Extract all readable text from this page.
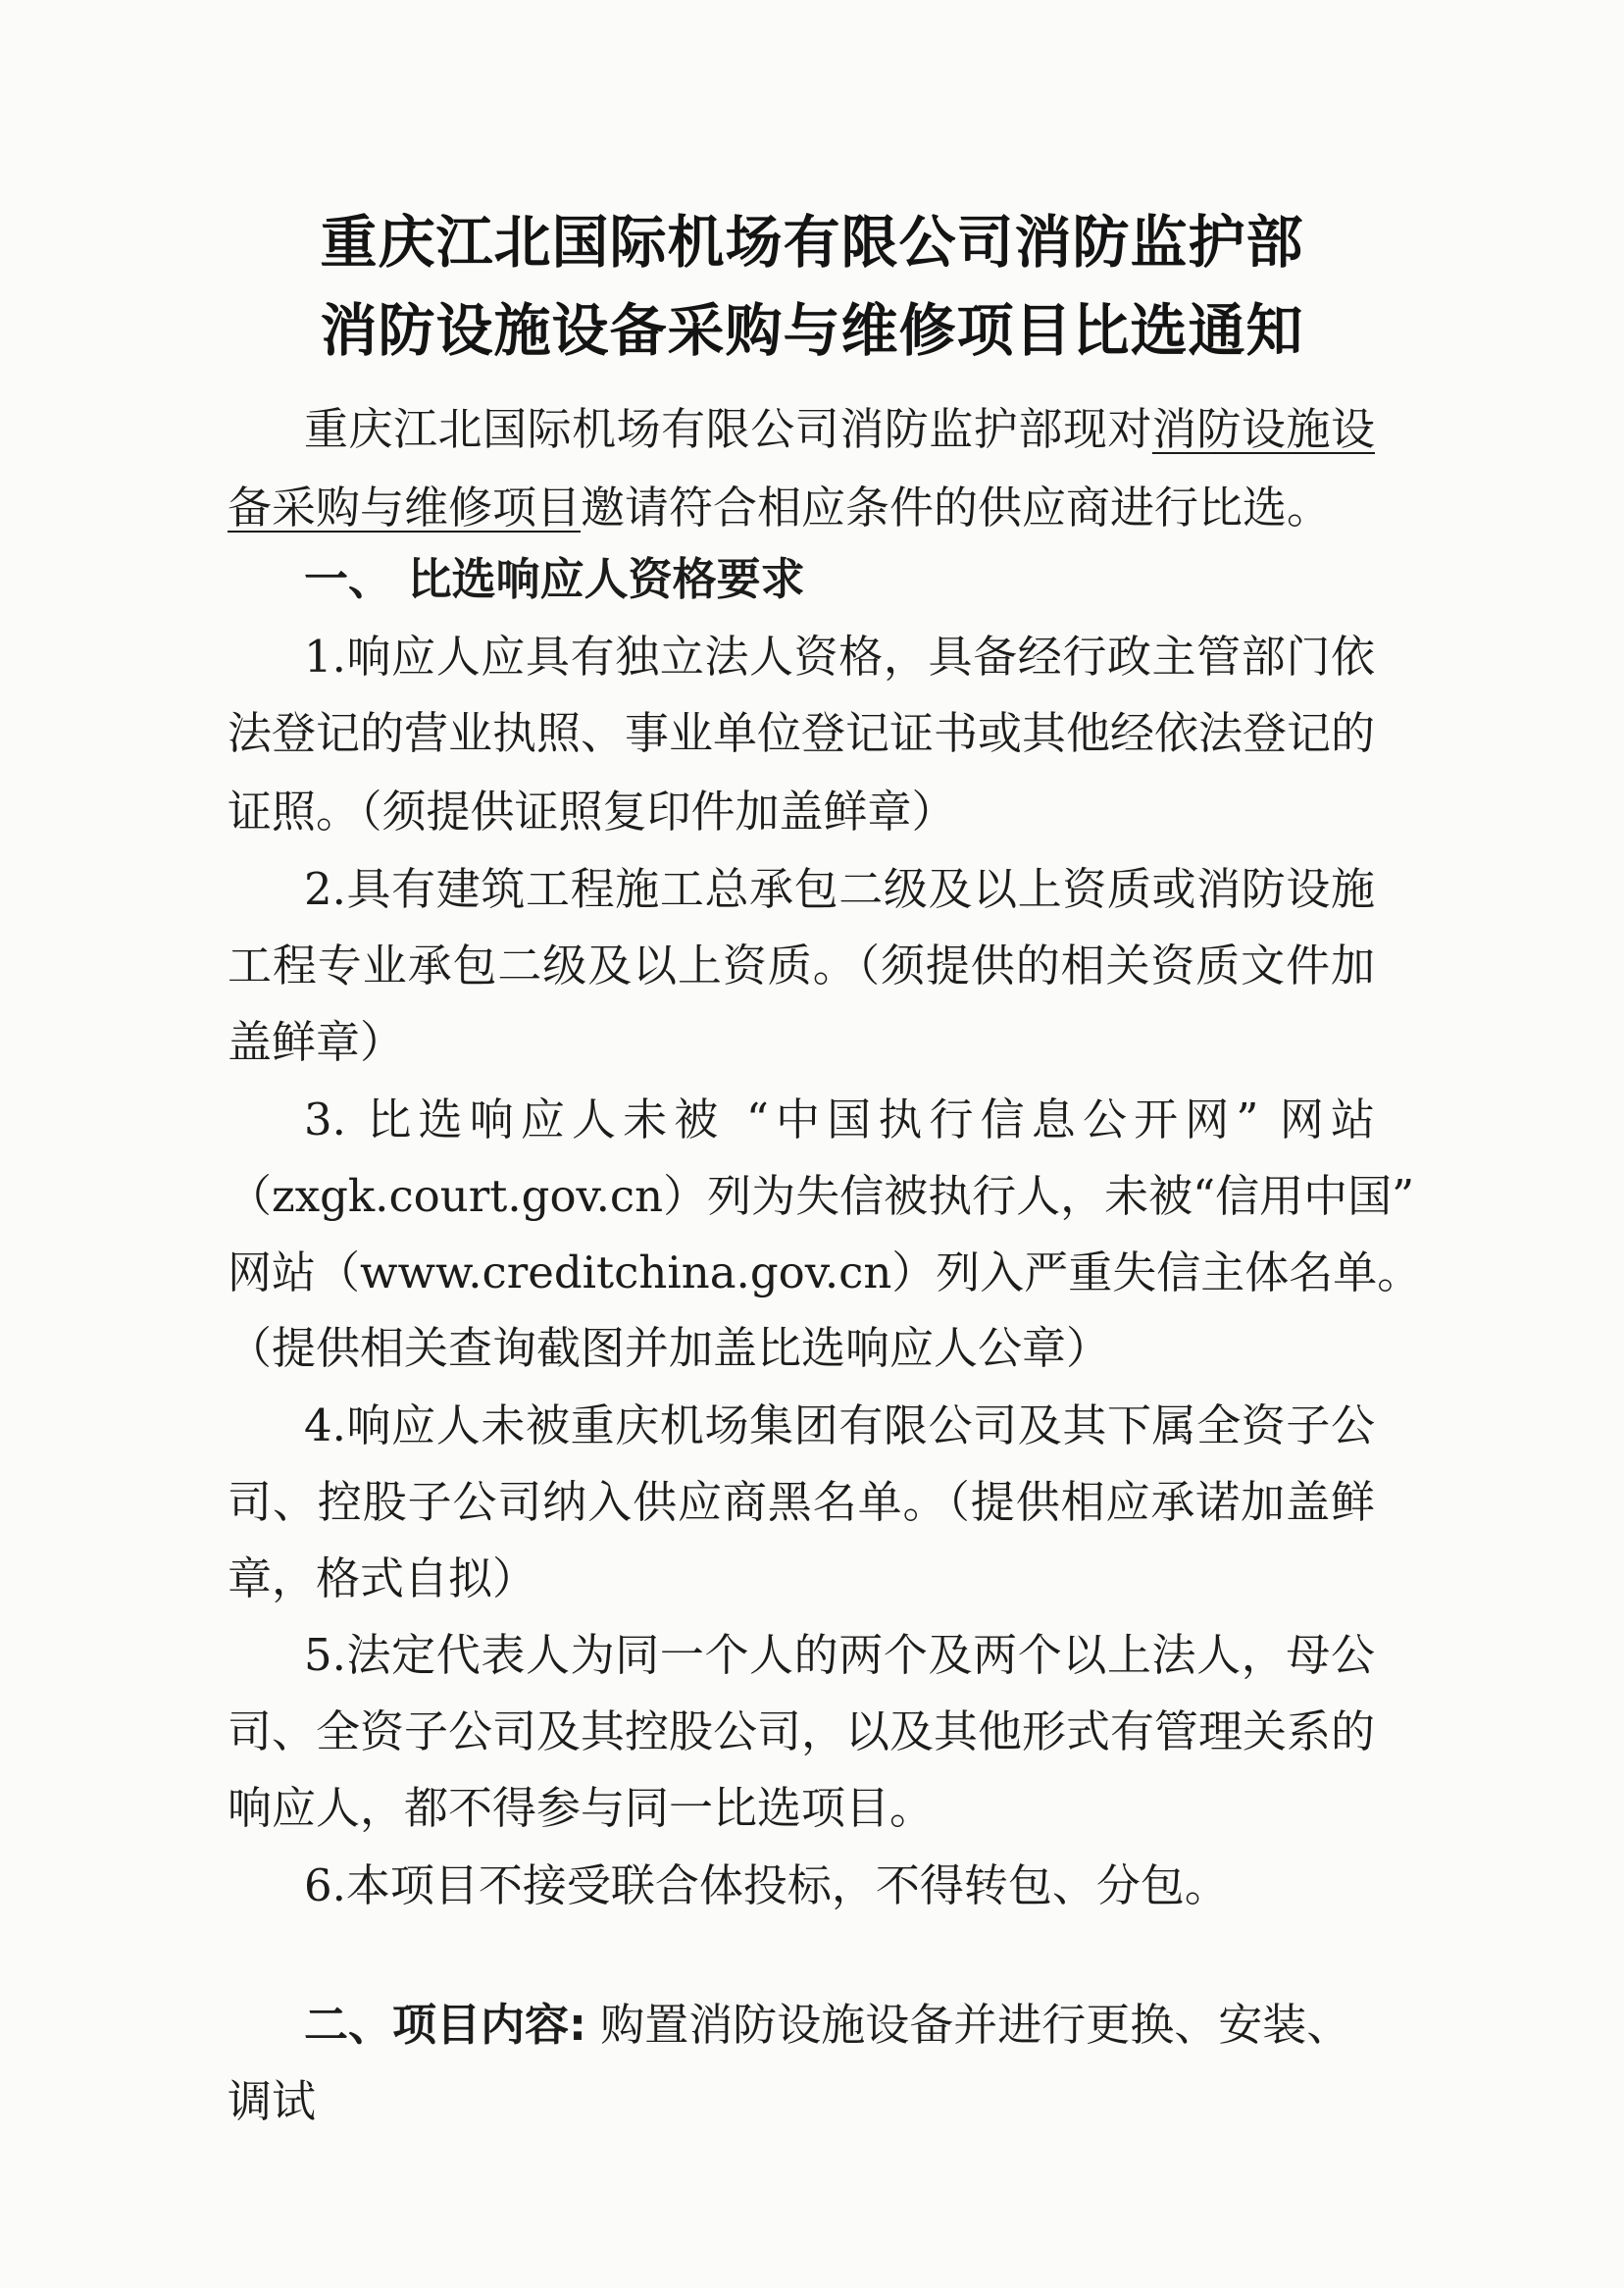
重庆江北国际机场有限公司消防监护部
消防设施设备采购与维修项目比选通知
重庆江北国际机场有限公司消防监护部现对消防设施设
备采购与维修项目邀请符合相应条件的供应商进行比选。
一、 比选响应人资格要求
1.响应人应具有独立法人资格，具备经行政主管部门依
法登记的营业执照、事业单位登记证书或其他经依法登记的
证照。（须提供证照复印件加盖鲜章）
2.具有建筑工程施工总承包二级及以上资质或消防设施
工程专业承包二级及以上资质。（须提供的相关资质文件加
盖鲜章）
3. 比选响应人未被 “中国执行信息公开网” 网站
（zxgk.court.gov.cn）列为失信被执行人，未被“信用中国”
网站（www.creditchina.gov.cn）列入严重失信主体名单。
（提供相关查询截图并加盖比选响应人公章）
4.响应人未被重庆机场集团有限公司及其下属全资子公
司、控股子公司纳入供应商黑名单。（提供相应承诺加盖鲜
章，格式自拟）
5.法定代表人为同一个人的两个及两个以上法人，母公
司、全资子公司及其控股公司，以及其他形式有管理关系的
响应人，都不得参与同一比选项目。
6.本项目不接受联合体投标，不得转包、分包。
二、项目内容: 购置消防设施设备并进行更换、安装、
调试
